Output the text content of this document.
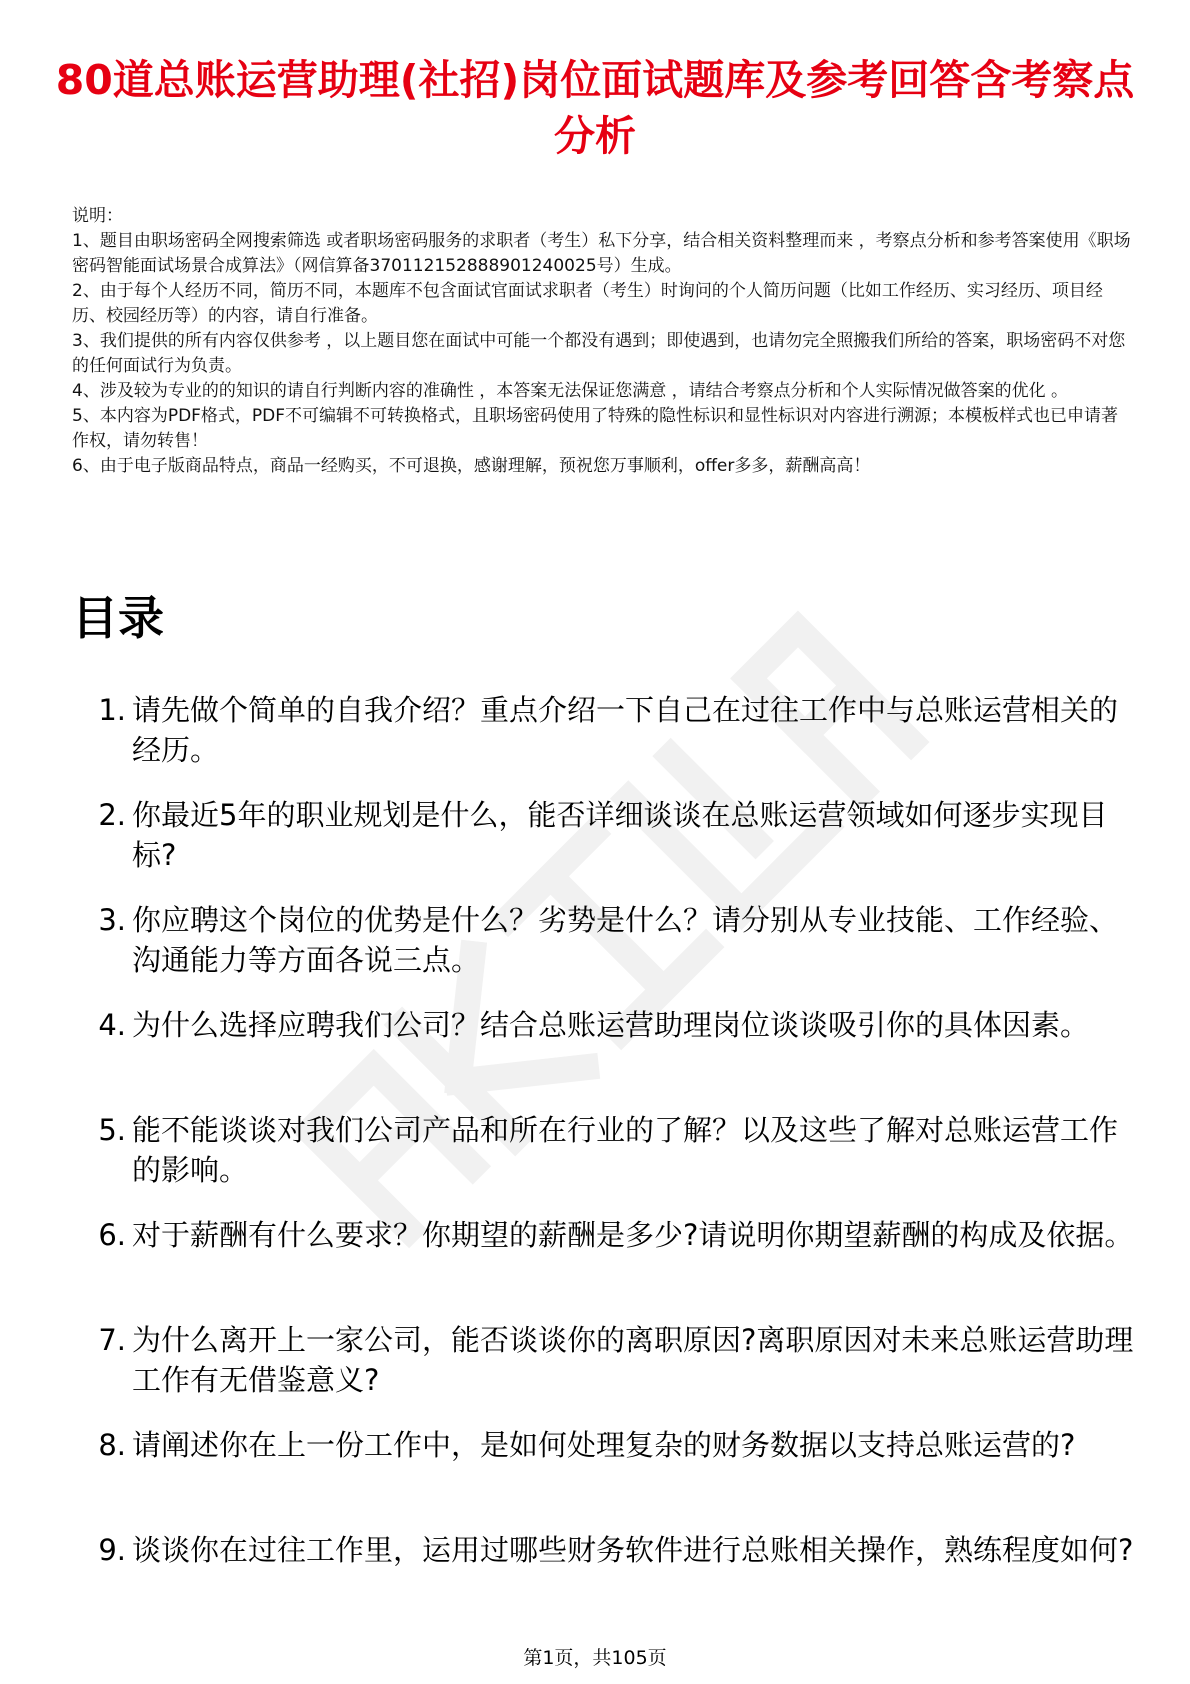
80道总账运营助理(社招)岗位面试题库及参考回答含考察点分析

说明：

1、题目由职场密码全网搜索筛选 或者职场密码服务的求职者（考生）私下分享，结合相关资料整理而来 ，考察点分析和参考答案使用《职场密码智能面试场景合成算法》（网信算备370112152888901240025号）生成。

2、由于每个人经历不同，简历不同，本题库不包含面试官面试求职者（考生）时询问的个人简历问题（比如工作经历、实习经历、项目经历、校园经历等）的内容，请自行准备。

3、我们提供的所有内容仅供参考 ，以上题目您在面试中可能一个都没有遇到；即使遇到，也请勿完全照搬我们所给的答案，职场密码不对您的任何面试行为负责。

4、涉及较为专业的的知识的请自行判断内容的准确性 ，本答案无法保证您满意 ，请结合考察点分析和个人实际情况做答案的优化 。

5、本内容为PDF格式，PDF不可编辑不可转换格式，且职场密码使用了特殊的隐性标识和显性标识对内容进行溯源；本模板样式也已申请著作权，请勿转售！

6、由于电子版商品特点，商品一经购买，不可退换，感谢理解，预祝您万事顺利，offer多多，薪酬高高！

目录
1. 请先做个简单的自我介绍？重点介绍一下自己在过往工作中与总账运营相关的经历。
2. 你最近5年的职业规划是什么，能否详细谈谈在总账运营领域如何逐步实现目标?
3. 你应聘这个岗位的优势是什么？劣势是什么？请分别从专业技能、工作经验、沟通能力等方面各说三点。
4. 为什么选择应聘我们公司？结合总账运营助理岗位谈谈吸引你的具体因素。
5. 能不能谈谈对我们公司产品和所在行业的了解？以及这些了解对总账运营工作的影响。
6. 对于薪酬有什么要求？你期望的薪酬是多少?请说明你期望薪酬的构成及依据。
7. 为什么离开上一家公司，能否谈谈你的离职原因?离职原因对未来总账运营助理工作有无借鉴意义?
8. 请阐述你在上一份工作中，是如何处理复杂的财务数据以支持总账运营的?
9. 谈谈你在过往工作里，运用过哪些财务软件进行总账相关操作，熟练程度如何?
第1页，共105页
